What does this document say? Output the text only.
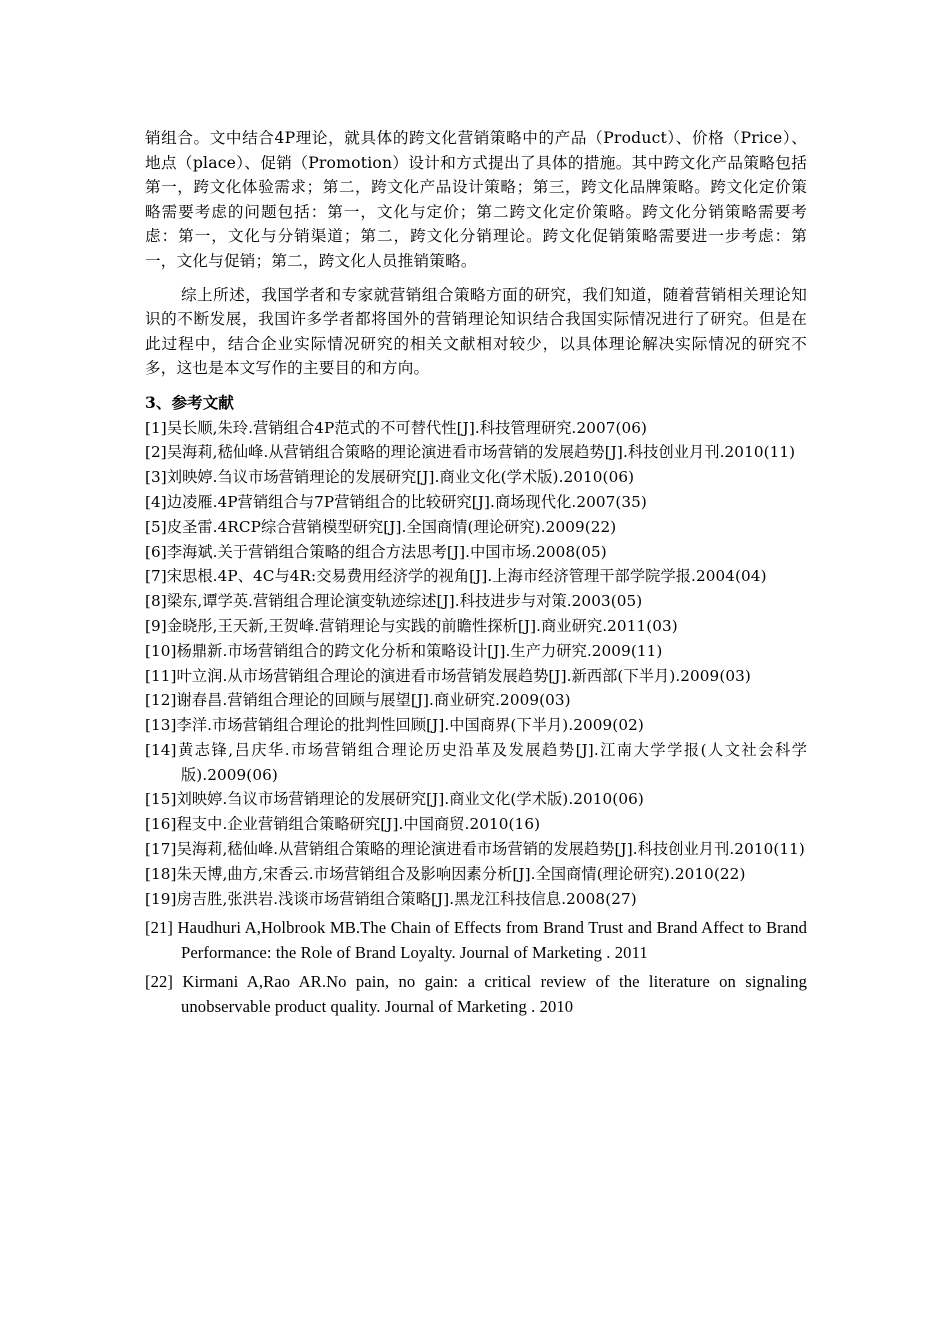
销组合。文中结合4P理论，就具体的跨文化营销策略中的产品（Product）、价格（Price）、地点（place）、促销（Promotion）设计和方式提出了具体的措施。其中跨文化产品策略包括第一，跨文化体验需求；第二，跨文化产品设计策略；第三，跨文化品牌策略。跨文化定价策略需要考虑的问题包括：第一，文化与定价；第二跨文化定价策略。跨文化分销策略需要考虑：第一，文化与分销渠道；第二，跨文化分销理论。跨文化促销策略需要进一步考虑：第一，文化与促销；第二，跨文化人员推销策略。

综上所述，我国学者和专家就营销组合策略方面的研究，我们知道，随着营销相关理论知识的不断发展，我国许多学者都将国外的营销理论知识结合我国实际情况进行了研究。但是在此过程中，结合企业实际情况研究的相关文献相对较少，以具体理论解决实际情况的研究不多，这也是本文写作的主要目的和方向。

3、参考文献
[1]吴长顺,朱玲.营销组合4P范式的不可替代性[J].科技管理研究.2007(06)
[2]吴海莉,嵇仙峰.从营销组合策略的理论演进看市场营销的发展趋势[J].科技创业月刊.2010(11)
[3]刘映婷.刍议市场营销理论的发展研究[J].商业文化(学术版).2010(06)
[4]边凌雁.4P营销组合与7P营销组合的比较研究[J].商场现代化.2007(35)
[5]皮圣雷.4RCP综合营销模型研究[J].全国商情(理论研究).2009(22)
[6]李海斌.关于营销组合策略的组合方法思考[J].中国市场.2008(05)
[7]宋思根.4P、4C与4R:交易费用经济学的视角[J].上海市经济管理干部学院学报.2004(04)
[8]梁东,谭学英.营销组合理论演变轨迹综述[J].科技进步与对策.2003(05)
[9]金晓彤,王天新,王贺峰.营销理论与实践的前瞻性探析[J].商业研究.2011(03)
[10]杨鼎新.市场营销组合的跨文化分析和策略设计[J].生产力研究.2009(11)
[11]叶立润.从市场营销组合理论的演进看市场营销发展趋势[J].新西部(下半月).2009(03)
[12]谢春昌.营销组合理论的回顾与展望[J].商业研究.2009(03)
[13]李洋.市场营销组合理论的批判性回顾[J].中国商界(下半月).2009(02)
[14]黄志锋,吕庆华.市场营销组合理论历史沿革及发展趋势[J].江南大学学报(人文社会科学版).2009(06)
[15]刘映婷.刍议市场营销理论的发展研究[J].商业文化(学术版).2010(06)
[16]程支中.企业营销组合策略研究[J].中国商贸.2010(16)
[17]吴海莉,嵇仙峰.从营销组合策略的理论演进看市场营销的发展趋势[J].科技创业月刊.2010(11)
[18]朱天博,曲方,宋香云.市场营销组合及影响因素分析[J].全国商情(理论研究).2010(22)
[19]房吉胜,张洪岩.浅谈市场营销组合策略[J].黑龙江科技信息.2008(27)
[21] Haudhuri A,Holbrook MB.The Chain of Effects from Brand Trust and Brand Affect to Brand Performance: the Role of Brand Loyalty. Journal of Marketing . 2011
[22] Kirmani A,Rao AR.No pain, no gain: a critical review of the literature on signaling unobservable product quality. Journal of Marketing . 2010
